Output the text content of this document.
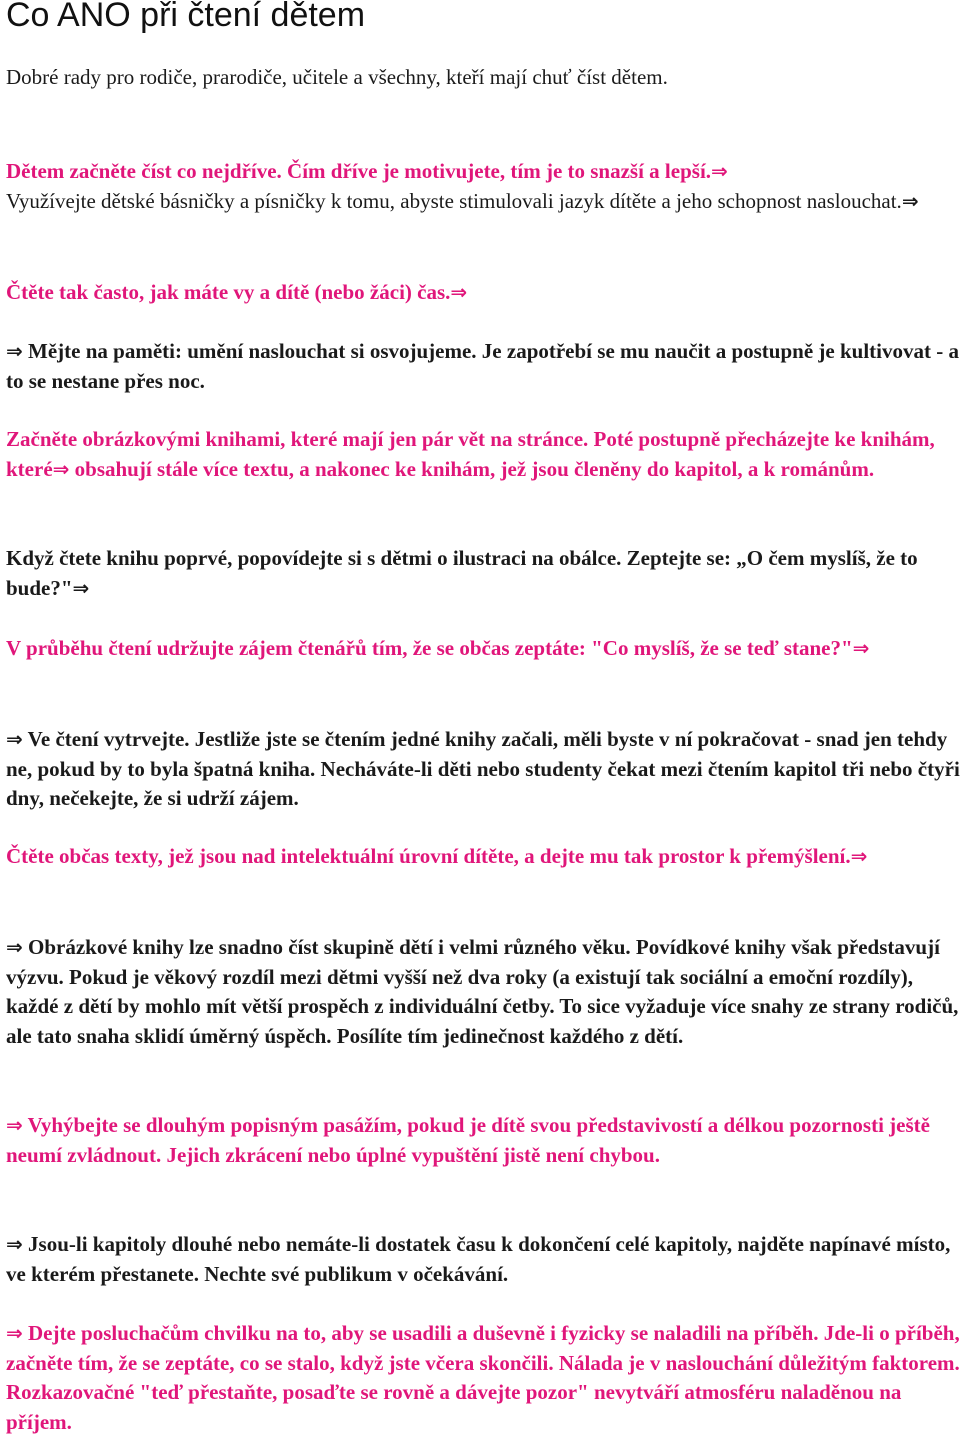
Co ANO při čtení dětem

Dobré rady pro rodiče, prarodiče, učitele a všechny, kteří mají chuť číst dětem.

Dětem začněte číst co nejdříve. Čím dříve je motivujete, tím je to snazší a lepší.⇒
Využívejte dětské básničky a písničky k tomu, abyste stimulovali jazyk dítěte a jeho schopnost naslouchat.⇒

Čtěte tak často, jak máte vy a dítě (nebo žáci) čas.⇒

⇒ Mějte na paměti: umění naslouchat si osvojujeme. Je zapotřebí se mu naučit a postupně je kultivovat - a to se nestane přes noc.

Začněte obrázkovými knihami, které mají jen pár vět na stránce. Poté postupně přecházejte ke knihám, které⇒ obsahují stále více textu, a nakonec ke knihám, jež jsou členěny do kapitol, a k románům.

Když čtete knihu poprvé, popovídejte si s dětmi o ilustraci na obálce. Zeptejte se: „O čem myslíš, že to bude?"⇒

V průběhu čtení udržujte zájem čtenářů tím, že se občas zeptáte: "Co myslíš, že se teď stane?"⇒

⇒ Ve čtení vytrvejte. Jestliže jste se čtením jedné knihy začali, měli byste v ní pokračovat - snad jen tehdy ne, pokud by to byla špatná kniha. Necháváte-li děti nebo studenty čekat mezi čtením kapitol tři nebo čtyři dny, nečekejte, že si udrží zájem.

Čtěte občas texty, jež jsou nad intelektuální úrovní dítěte, a dejte mu tak prostor k přemýšlení.⇒

⇒ Obrázkové knihy lze snadno číst skupině dětí i velmi různého věku. Povídkové knihy však představují výzvu. Pokud je věkový rozdíl mezi dětmi vyšší než dva roky (a existují tak sociální a emoční rozdíly), každé z dětí by mohlo mít větší prospěch z individuální četby. To sice vyžaduje více snahy ze strany rodičů, ale tato snaha sklidí úměrný úspěch. Posílíte tím jedinečnost každého z dětí.

⇒ Vyhýbejte se dlouhým popisným pasážím, pokud je dítě svou představivostí a délkou pozornosti ještě neumí zvládnout. Jejich zkrácení nebo úplné vypuštění jistě není chybou.

⇒ Jsou-li kapitoly dlouhé nebo nemáte-li dostatek času k dokončení celé kapitoly, najděte napínavé místo, ve kterém přestanete. Nechte své publikum v očekávání.

⇒ Dejte posluchačům chvilku na to, aby se usadili a duševně i fyzicky se naladili na příběh. Jde-li o příběh, začněte tím, že se zeptáte, co se stalo, když jste včera skončili. Nálada je v naslouchání důležitým faktorem. Rozkazovačné "teď přestaňte, posaďte se rovně a dávejte pozor" nevytváří atmosféru naladěnou na příjem.
